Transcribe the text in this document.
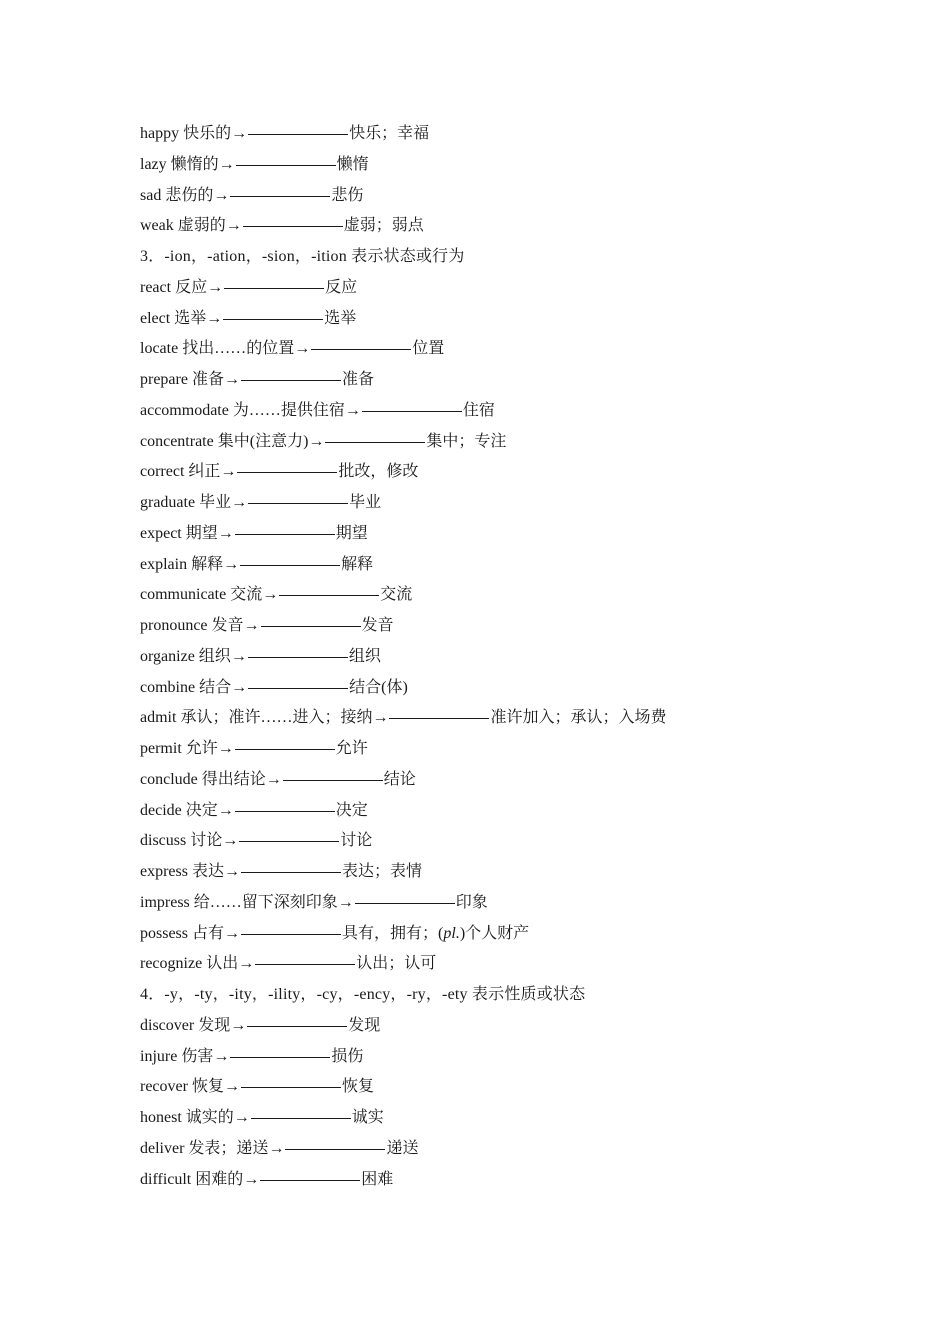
happy 快乐的→	快乐；幸福
lazy 懒惰的→	懒惰
sad 悲伤的→	悲伤
weak 虚弱的→	虚弱；弱点
3．-ion，-ation，-sion，-ition 表示状态或行为
react 反应→	反应
elect 选举→	选举
locate 找出……的位置→	位置
prepare 准备→	准备
accommodate 为……提供住宿→	住宿
concentrate 集中(注意力)→	集中；专注
correct 纠正→	批改，修改
graduate 毕业→	毕业
expect 期望→	期望
explain 解释→	解释
communicate 交流→	交流
pronounce 发音→	发音
organize 组织→	组织
combine 结合→	结合(体)
admit 承认；准许……进入；接纳→	准许加入；承认；入场费
permit 允许→	允许
conclude 得出结论→	结论
decide 决定→	决定
discuss 讨论→	讨论
express 表达→	表达；表情
impress 给……留下深刻印象→	印象
possess 占有→	具有，拥有；(pl.)个人财产
recognize 认出→	认出；认可
4．-y，-ty，-ity，-ility，-cy，-ency，-ry，-ety 表示性质或状态
discover 发现→	发现
injure 伤害→	损伤
recover 恢复→	恢复
honest 诚实的→	诚实
deliver 发表；递送→	递送
difficult 困难的→	困难
